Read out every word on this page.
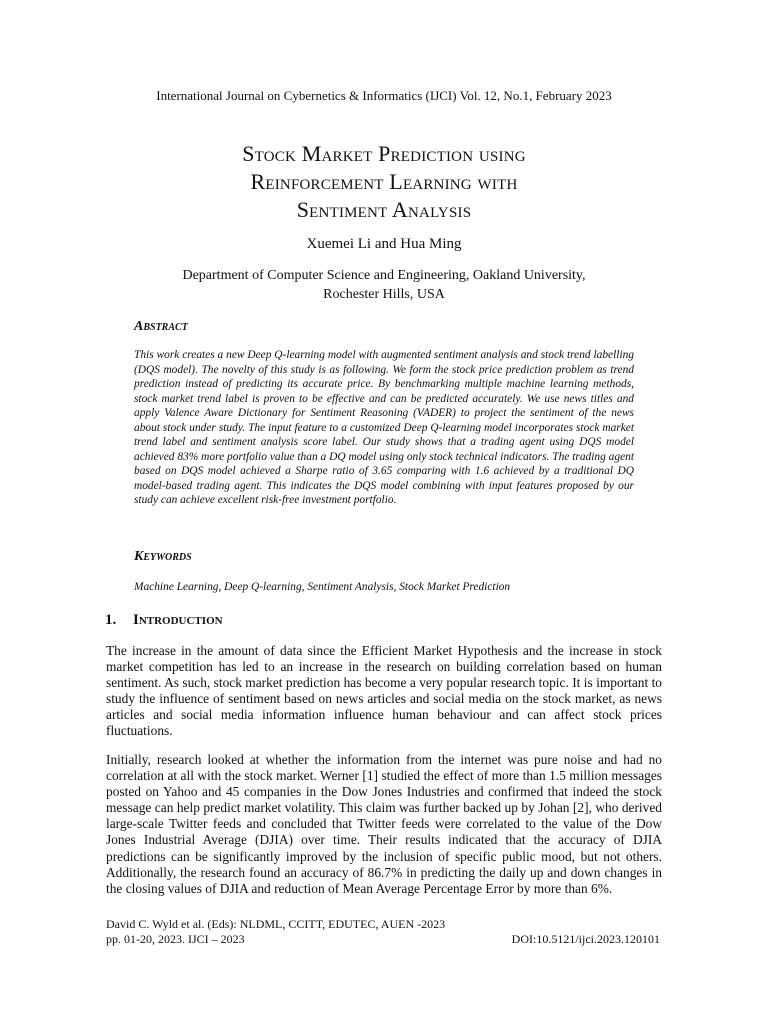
International Journal on Cybernetics & Informatics (IJCI) Vol. 12, No.1, February 2023
Stock Market Prediction using
Reinforcement Learning with
Sentiment Analysis
Xuemei Li and Hua Ming
Department of Computer Science and Engineering, Oakland University,
Rochester Hills, USA
Abstract
This work creates a new Deep Q-learning model with augmented sentiment analysis and stock trend labelling (DQS model). The novelty of this study is as following. We form the stock price prediction problem as trend prediction instead of predicting its accurate price. By benchmarking multiple machine learning methods, stock market trend label is proven to be effective and can be predicted accurately. We use news titles and apply Valence Aware Dictionary for Sentiment Reasoning (VADER) to project the sentiment of the news about stock under study. The input feature to a customized Deep Q-learning model incorporates stock market trend label and sentiment analysis score label. Our study shows that a trading agent using DQS model achieved 83% more portfolio value than a DQ model using only stock technical indicators. The trading agent based on DQS model achieved a Sharpe ratio of 3.65 comparing with 1.6 achieved by a traditional DQ model-based trading agent. This indicates the DQS model combining with input features proposed by our study can achieve excellent risk-free investment portfolio.
Keywords
Machine Learning, Deep Q-learning, Sentiment Analysis, Stock Market Prediction
1. Introduction
The increase in the amount of data since the Efficient Market Hypothesis and the increase in stock market competition has led to an increase in the research on building correlation based on human sentiment. As such, stock market prediction has become a very popular research topic. It is important to study the influence of sentiment based on news articles and social media on the stock market, as news articles and social media information influence human behaviour and can affect stock prices fluctuations.
Initially, research looked at whether the information from the internet was pure noise and had no correlation at all with the stock market. Werner [1] studied the effect of more than 1.5 million messages posted on Yahoo and 45 companies in the Dow Jones Industries and confirmed that indeed the stock message can help predict market volatility. This claim was further backed up by Johan [2], who derived large-scale Twitter feeds and concluded that Twitter feeds were correlated to the value of the Dow Jones Industrial Average (DJIA) over time. Their results indicated that the accuracy of DJIA predictions can be significantly improved by the inclusion of specific public mood, but not others. Additionally, the research found an accuracy of 86.7% in predicting the daily up and down changes in the closing values of DJIA and reduction of Mean Average Percentage Error by more than 6%.
David C. Wyld et al. (Eds): NLDML, CCITT, EDUTEC, AUEN -2023
pp. 01-20, 2023. IJCI – 2023	DOI:10.5121/ijci.2023.120101
